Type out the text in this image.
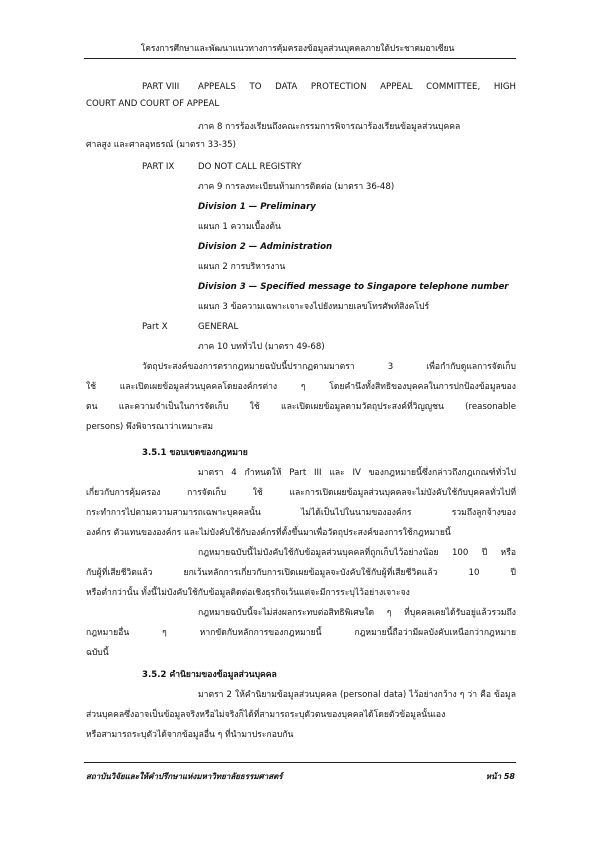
โครงการศึกษาและพัฒนาแนวทางการคุ้มครองข้อมูลส่วนบุคคลภายใต้ประชาคมอาเซียน
PART VIII APPEALS TO DATA PROTECTION APPEAL COMMITTEE, HIGH
COURT AND COURT OF APPEAL
ภาค 8 การร้องเรียนถึงคณะกรรมการพิจารณาร้องเรียนข้อมูลส่วนบุคคล
ศาลสูง และศาลอุทธรณ์ (มาตรา 33-35)
PART IX	DO NOT CALL REGISTRY
ภาค 9 การลงทะเบียนห้ามการติดต่อ (มาตรา 36-48)
Division 1 — Preliminary
แผนก 1 ความเบื้องต้น
Division 2 — Administration
แผนก 2 การบริหารงาน
Division 3 — Specified message to Singapore telephone number
แผนก 3 ข้อความเฉพาะเจาะจงไปยังหมายเลขโทรศัพท์สิงคโปร์
Part X	GENERAL
ภาค 10 บททั่วไป (มาตรา 49-68)
วัตถุประสงค์ของการตรากฎหมายฉบับนี้ปรากฏตามมาตรา 3 เพื่อกำกับดูแลการจัดเก็บ
ใช้ และเปิดเผยข้อมูลส่วนบุคคลโดยองค์กรต่าง ๆ โดยคำนึงทั้งสิทธิของบุคคลในการปกป้องข้อมูลของ
ตน และความจำเป็นในการจัดเก็บ ใช้ และเปิดเผยข้อมูลตามวัตถุประสงค์ที่วิญญูชน (reasonable
persons) พึงพิจารณาว่าเหมาะสม
3.5.1 ขอบเขตของกฎหมาย
มาตรา 4 กำหนดให้ Part III และ IV ของกฎหมายนี้ซึ่งกล่าวถึงกฎเกณฑ์ทั่วไป
เกี่ยวกับการคุ้มครอง การจัดเก็บ ใช้ และการเปิดเผยข้อมูลส่วนบุคคลจะไม่บังคับใช้กับบุคคลทั่วไปที่
กระทำการไปตามความสามารถเฉพาะบุคคลนั้น ไม่ได้เป็นไปในนามขององค์กร รวมถึงลูกจ้างของ
องค์กร ตัวแทนขององค์กร และไม่บังคับใช้กับองค์กรที่ตั้งขึ้นมาเพื่อวัตถุประสงค์ของการใช้กฎหมายนี้
กฎหมายฉบับนี้ไม่บังคับใช้กับข้อมูลส่วนบุคคลที่ถูกเก็บไว้อย่างน้อย 100 ปี หรือ
กับผู้ที่เสียชีวิตแล้ว ยกเว้นหลักการเกี่ยวกับการเปิดเผยข้อมูลจะบังคับใช้กับผู้ที่เสียชีวิตแล้ว 10 ปี
หรือต่ำกว่านั้น ทั้งนี้ไม่บังคับใช้กับข้อมูลติดต่อเชิงธุรกิจเว้นแต่จะมีการระบุไว้อย่างเจาะจง
กฎหมายฉบับนี้จะไม่ส่งผลกระทบต่อสิทธิพิเศษใด ๆ ที่บุคคลเคยได้รับอยู่แล้วรวมถึง
กฎหมายอื่น ๆ หากขัดกับหลักการของกฎหมายนี้ กฎหมายนี้ถือว่ามีผลบังคับเหนือกว่ากฎหมาย
ฉบับนี้
3.5.2 คำนิยามของข้อมูลส่วนบุคคล
มาตรา 2 ให้คำนิยามข้อมูลส่วนบุคคล (personal data) ไว้อย่างกว้าง ๆ ว่า คือ ข้อมูล
ส่วนบุคคลซึ่งอาจเป็นข้อมูลจริงหรือไม่จริงก็ได้ที่สามารถระบุตัวตนของบุคคลได้โดยตัวข้อมูลนั้นเอง
หรือสามารถระบุตัวได้จากข้อมูลอื่น ๆ ที่นำมาประกอบกัน
สถาบันวิจัยและให้คำปรึกษาแห่งมหาวิทยาลัยธรรมศาสตร์	หน้า 58
